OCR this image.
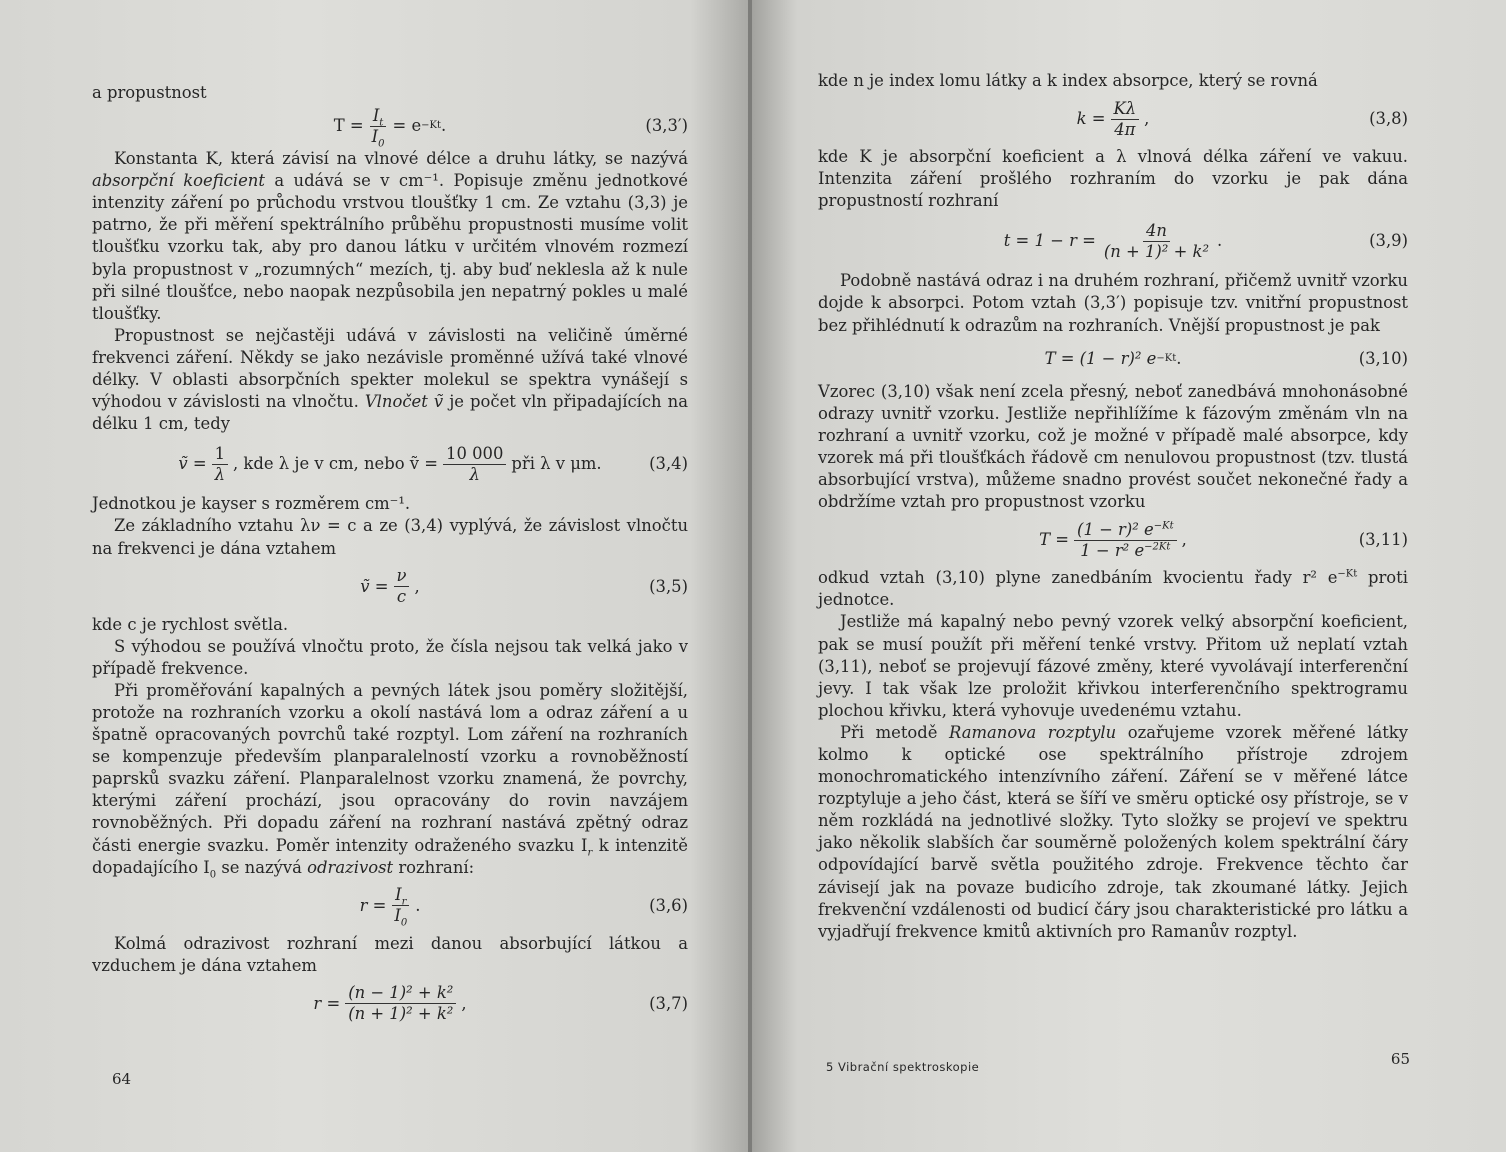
a propustnost

$T = \frac{I_t}{I_0} = e -Kt$ .	(3,3′)

Konstanta K, která závisí na vlnové délce a druhu látky, se nazývá absorpční koeficient a udává se v cm⁻¹. Popisuje změnu jednotkové intenzity záření po průchodu vrstvou tloušťky 1 cm. Ze vztahu (3,3) je patrno, že při měření spektrálního průběhu propustnosti musíme volit tloušťku vzorku tak, aby pro danou látku v určitém vlnovém rozmezí byla propustnost v „rozumných“ mezích, tj. aby buď neklesla až k nule při silné tloušťce, nebo naopak nezpůsobila jen nepatrný pokles u malé tloušťky.

Propustnost se nejčastěji udává v závislosti na veličině úměrné frekvenci záření. Někdy se jako nezávisle proměnné užívá také vlnové délky. V oblasti absorpčních spekter molekul se spektra vynášejí s výhodou v závislosti na vlnočtu. Vlnočet ṽ je počet vln připadajících na délku 1 cm, tedy

ṽ = $\frac{1}{\lambda}$ , kde λ je v cm, nebo ṽ = $\frac{10 000}{\lambda}$ při λ v μm.	(3,4)

Jednotkou je kayser s rozměrem cm⁻¹.

Ze základního vztahu λν = c a ze (3,4) vyplývá, že závislost vlnočtu na frekvenci je dána vztahem

ṽ = $\frac{\nu}{c}$ ,	(3,5)

kde c je rychlost světla.

S výhodou se používá vlnočtu proto, že čísla nejsou tak velká jako v případě frekvence.

Při proměřování kapalných a pevných látek jsou poměry složitější, protože na rozhraních vzorku a okolí nastává lom a odraz záření a u špatně opracovaných povrchů také rozptyl. Lom záření na rozhraních se kompenzuje především planparalelností vzorku a rovnoběžností paprsků svazku záření. Planparalelnost vzorku znamená, že povrchy, kterými záření prochází, jsou opracovány do rovin navzájem rovnoběžných. Při dopadu záření na rozhraní nastává zpětný odraz části energie svazku. Poměr intenzity odraženého svazku $I_r$ k intenzitě dopadajícího $I_0$ se nazývá odrazivost rozhraní:

$r = \frac{I_r}{I_0}$ .	(3,6)

Kolmá odrazivost rozhraní mezi danou absorbující látkou a vzduchem je dána vztahem

$r = \frac{\text{(n − 1)² + k²}}{\text{(n + 1)² + k²}}$ ,	(3,7)
64

kde n je index lomu látky a k index absorpce, který se rovná

$k = \frac{K\lambda}{4\pi}$ ,	(3,8)

kde K je absorpční koeficient a λ vlnová délka záření ve vakuu. Intenzita záření prošlého rozhraním do vzorku je pak dána propustností rozhraní

$t = 1 - r = \frac{4n}{\text{(n + 1)² + k²}}$ .	(3,9)

Podobně nastává odraz i na druhém rozhraní, přičemž uvnitř vzorku dojde k absorpci. Potom vztah (3,3′) popisuje tzv. vnitřní propustnost bez přihlédnutí k odrazům na rozhraních. Vnější propustnost je pak

T = (1 − r)² e −Kt .	(3,10)

Vzorec (3,10) však není zcela přesný, neboť zanedbává mnohonásobné odrazy uvnitř vzorku. Jestliže nepřihlížíme k fázovým změnám vln na rozhraní a uvnitř vzorku, což je možné v případě malé absorpce, kdy vzorek má při tloušťkách řádově cm nenulovou propustnost (tzv. tlustá absorbující vrstva), můžeme snadno provést součet nekonečné řady a obdržíme vztah pro propustnost vzorku

$T = \frac{(1 - r)^2 e^{-Kt}}{1 - r^2 e^{-2Kt}}$ ,	(3,11)

odkud vztah (3,10) plyne zanedbáním kvocientu řady r² $e^{-Kt}$ proti jednotce.

Jestliže má kapalný nebo pevný vzorek velký absorpční koeficient, pak se musí použít při měření tenké vrstvy. Přitom už neplatí vztah (3,11), neboť se projevují fázové změny, které vyvolávají interferenční jevy. I tak však lze proložit křivkou interferenčního spektrogramu plochou křivku, která vyhovuje uvedenému vztahu.

Při metodě Ramanova rozptylu ozařujeme vzorek měřené látky kolmo k optické ose spektrálního přístroje zdrojem monochromatického intenzívního záření. Záření se v měřené látce rozptyluje a jeho část, která se šíří ve směru optické osy přístroje, se v něm rozkládá na jednotlivé složky. Tyto složky se projeví ve spektru jako několik slabších čar souměrně položených kolem spektrální čáry odpovídající barvě světla použitého zdroje. Frekvence těchto čar závisejí jak na povaze budicího zdroje, tak zkoumané látky. Jejich frekvenční vzdálenosti od budicí čáry jsou charakteristické pro látku a vyjadřují frekvence kmitů aktivních pro Ramanův rozptyl.

5 Vibrační spektroskopie	65
